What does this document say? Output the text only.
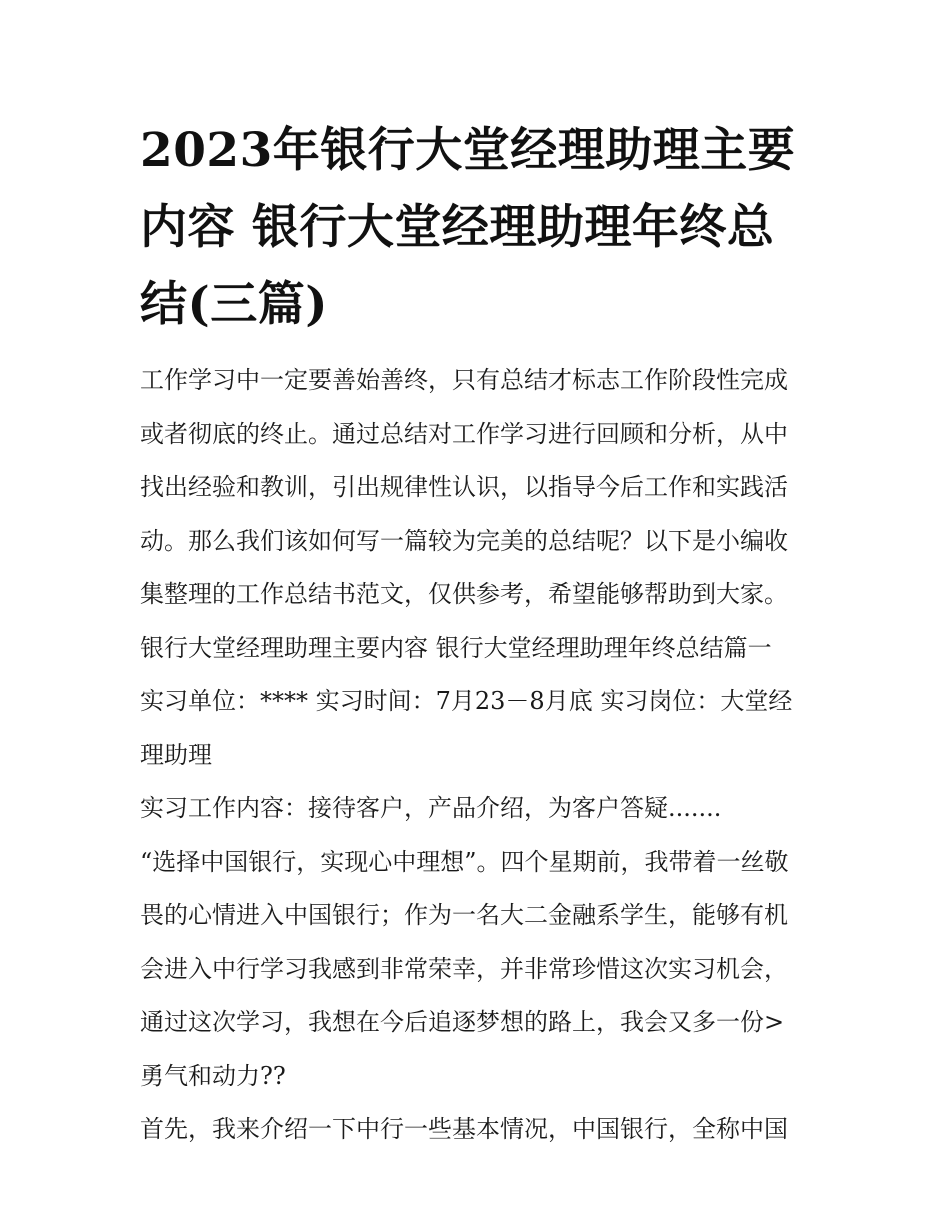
2023年银行大堂经理助理主要
内容 银行大堂经理助理年终总
结(三篇)
工作学习中一定要善始善终，只有总结才标志工作阶段性完成
或者彻底的终止。通过总结对工作学习进行回顾和分析，从中
找出经验和教训，引出规律性认识，以指导今后工作和实践活
动。那么我们该如何写一篇较为完美的总结呢？以下是小编收
集整理的工作总结书范文，仅供参考，希望能够帮助到大家。
银行大堂经理助理主要内容 银行大堂经理助理年终总结篇一
实习单位：**** 实习时间：7月23－8月底 实习岗位：大堂经
理助理
实习工作内容：接待客户，产品介绍，为客户答疑.......
“选择中国银行，实现心中理想”。四个星期前，我带着一丝敬
畏的心情进入中国银行；作为一名大二金融系学生，能够有机
会进入中行学习我感到非常荣幸，并非常珍惜这次实习机会，
通过这次学习，我想在今后追逐梦想的路上，我会又多一份>
勇气和动力??
首先，我来介绍一下中行一些基本情况，中国银行，全称中国
